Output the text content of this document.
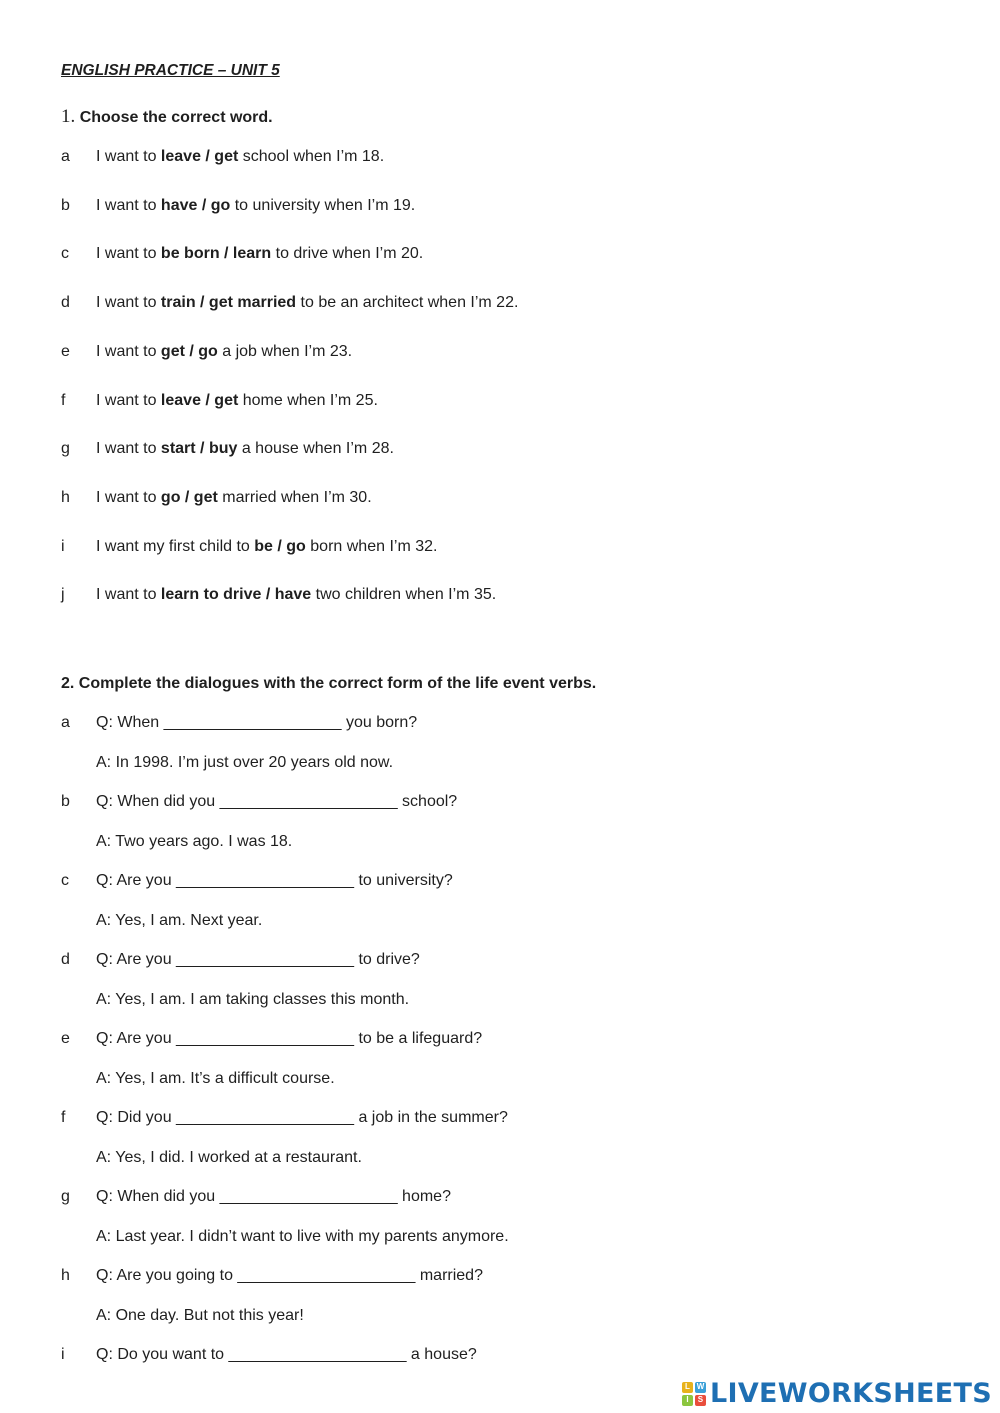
ENGLISH PRACTICE – UNIT 5
1. Choose the correct word.
a I want to leave / get school when I’m 18.
b I want to have / go to university when I’m 19.
c I want to be born / learn to drive when I’m 20.
d I want to train / get married to be an architect when I’m 22.
e I want to get / go a job when I’m 23.
f I want to leave / get home when I’m 25.
g I want to start / buy a house when I’m 28.
h I want to go / get married when I’m 30.
i I want my first child to be / go born when I’m 32.
j I want to learn to drive / have two children when I’m 35.
2. Complete the dialogues with the correct form of the life event verbs.
a Q: When ____________________ you born?
A: In 1998. I’m just over 20 years old now.
b Q: When did you ____________________ school?
A: Two years ago. I was 18.
c Q: Are you ____________________ to university?
A: Yes, I am. Next year.
d Q: Are you ____________________ to drive?
A: Yes, I am. I am taking classes this month.
e Q: Are you ____________________ to be a lifeguard?
A: Yes, I am. It’s a difficult course.
f Q: Did you ____________________ a job in the summer?
A: Yes, I did. I worked at a restaurant.
g Q: When did you ____________________ home?
A: Last year. I didn’t want to live with my parents anymore.
h Q: Are you going to ____________________ married?
A: One day. But not this year!
i Q: Do you want to ____________________ a house?
L W
I	S LIVEWORKSHEETS
